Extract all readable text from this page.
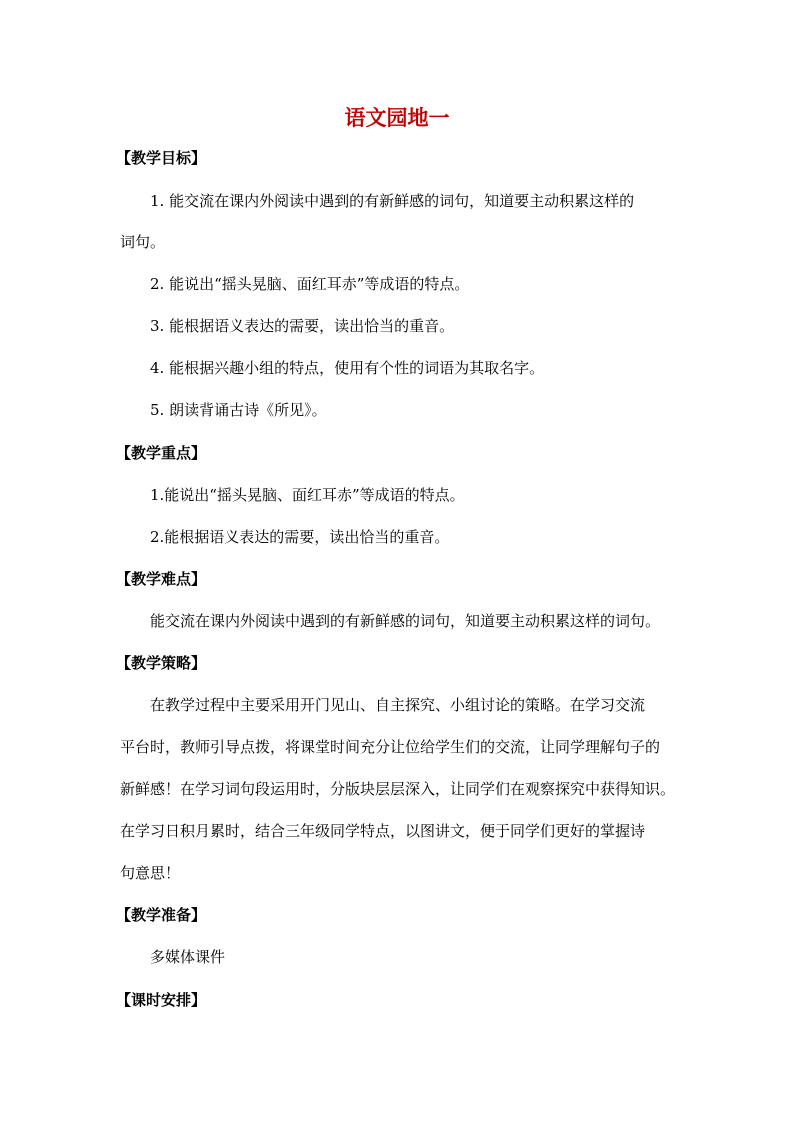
语文园地一
【教学目标】
1. 能交流在课内外阅读中遇到的有新鲜感的词句，知道要主动积累这样的
词句。
2. 能说出“摇头晃脑、面红耳赤”等成语的特点。
3. 能根据语义表达的需要，读出恰当的重音。
4. 能根据兴趣小组的特点，使用有个性的词语为其取名字。
5. 朗读背诵古诗《所见》。
【教学重点】
1.能说出“摇头晃脑、面红耳赤”等成语的特点。
2.能根据语义表达的需要，读出恰当的重音。
【教学难点】
能交流在课内外阅读中遇到的有新鲜感的词句，知道要主动积累这样的词句。
【教学策略】
在教学过程中主要采用开门见山、自主探究、小组讨论的策略。在学习交流
平台时，教师引导点拨，将课堂时间充分让位给学生们的交流，让同学理解句子的
新鲜感！在学习词句段运用时，分版块层层深入，让同学们在观察探究中获得知识。
在学习日积月累时，结合三年级同学特点，以图讲文，便于同学们更好的掌握诗
句意思！
【教学准备】
多媒体课件
【课时安排】
